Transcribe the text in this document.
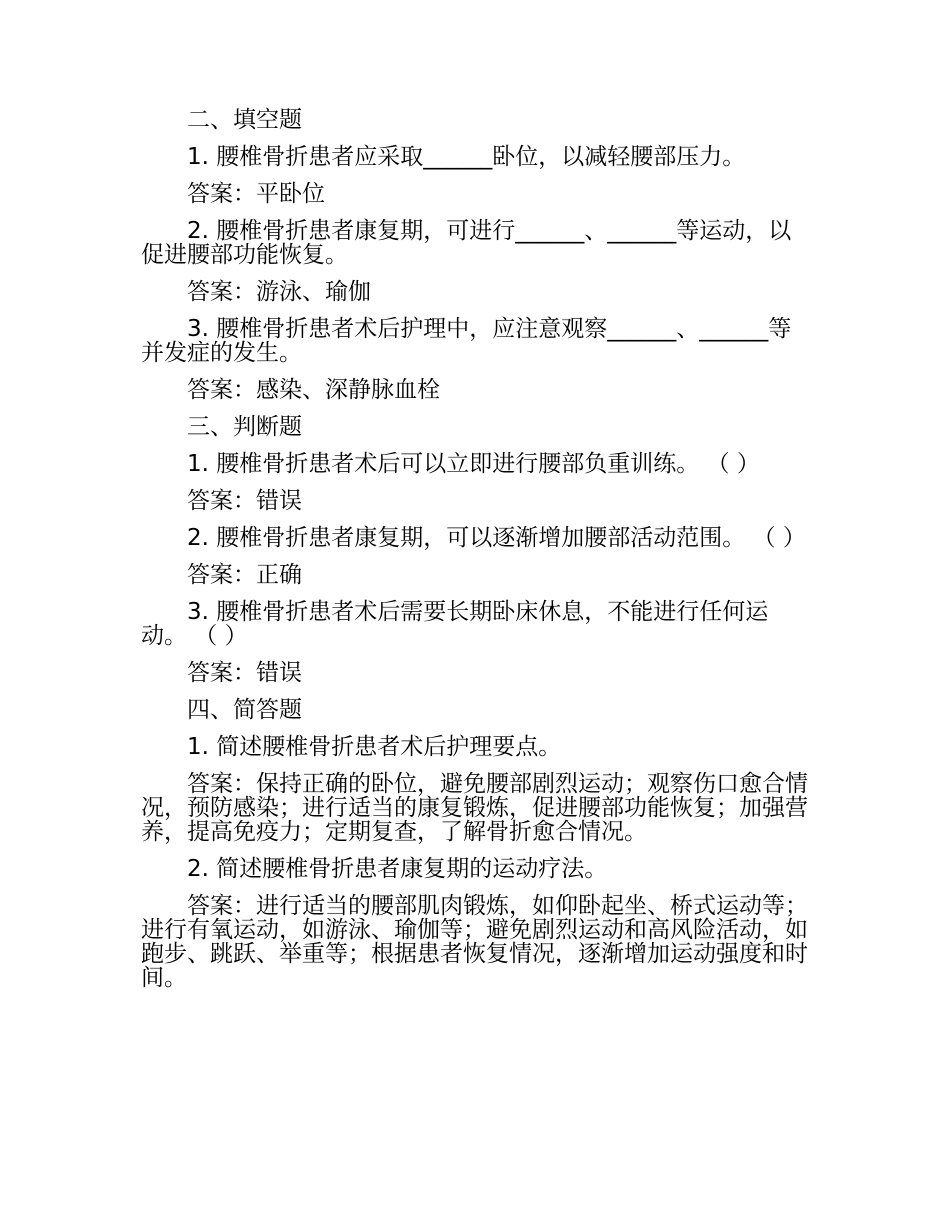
二、填空题

1. 腰椎骨折患者应采取______卧位，以减轻腰部压力。

答案：平卧位

2. 腰椎骨折患者康复期，可进行______、______等运动，以促进腰部功能恢复。

答案：游泳、瑜伽

3. 腰椎骨折患者术后护理中，应注意观察______、______等并发症的发生。

答案：感染、深静脉血栓

三、判断题

1. 腰椎骨折患者术后可以立即进行腰部负重训练。 （ ）

答案：错误

2. 腰椎骨折患者康复期，可以逐渐增加腰部活动范围。 （ ）

答案：正确

3. 腰椎骨折患者术后需要长期卧床休息，不能进行任何运动。 （ ）

答案：错误

四、简答题

1. 简述腰椎骨折患者术后护理要点。

答案：保持正确的卧位，避免腰部剧烈运动；观察伤口愈合情况，预防感染；进行适当的康复锻炼，促进腰部功能恢复；加强营养，提高免疫力；定期复查，了解骨折愈合情况。

2. 简述腰椎骨折患者康复期的运动疗法。

答案：进行适当的腰部肌肉锻炼，如仰卧起坐、桥式运动等；进行有氧运动，如游泳、瑜伽等；避免剧烈运动和高风险活动，如跑步、跳跃、举重等；根据患者恢复情况，逐渐增加运动强度和时间。
